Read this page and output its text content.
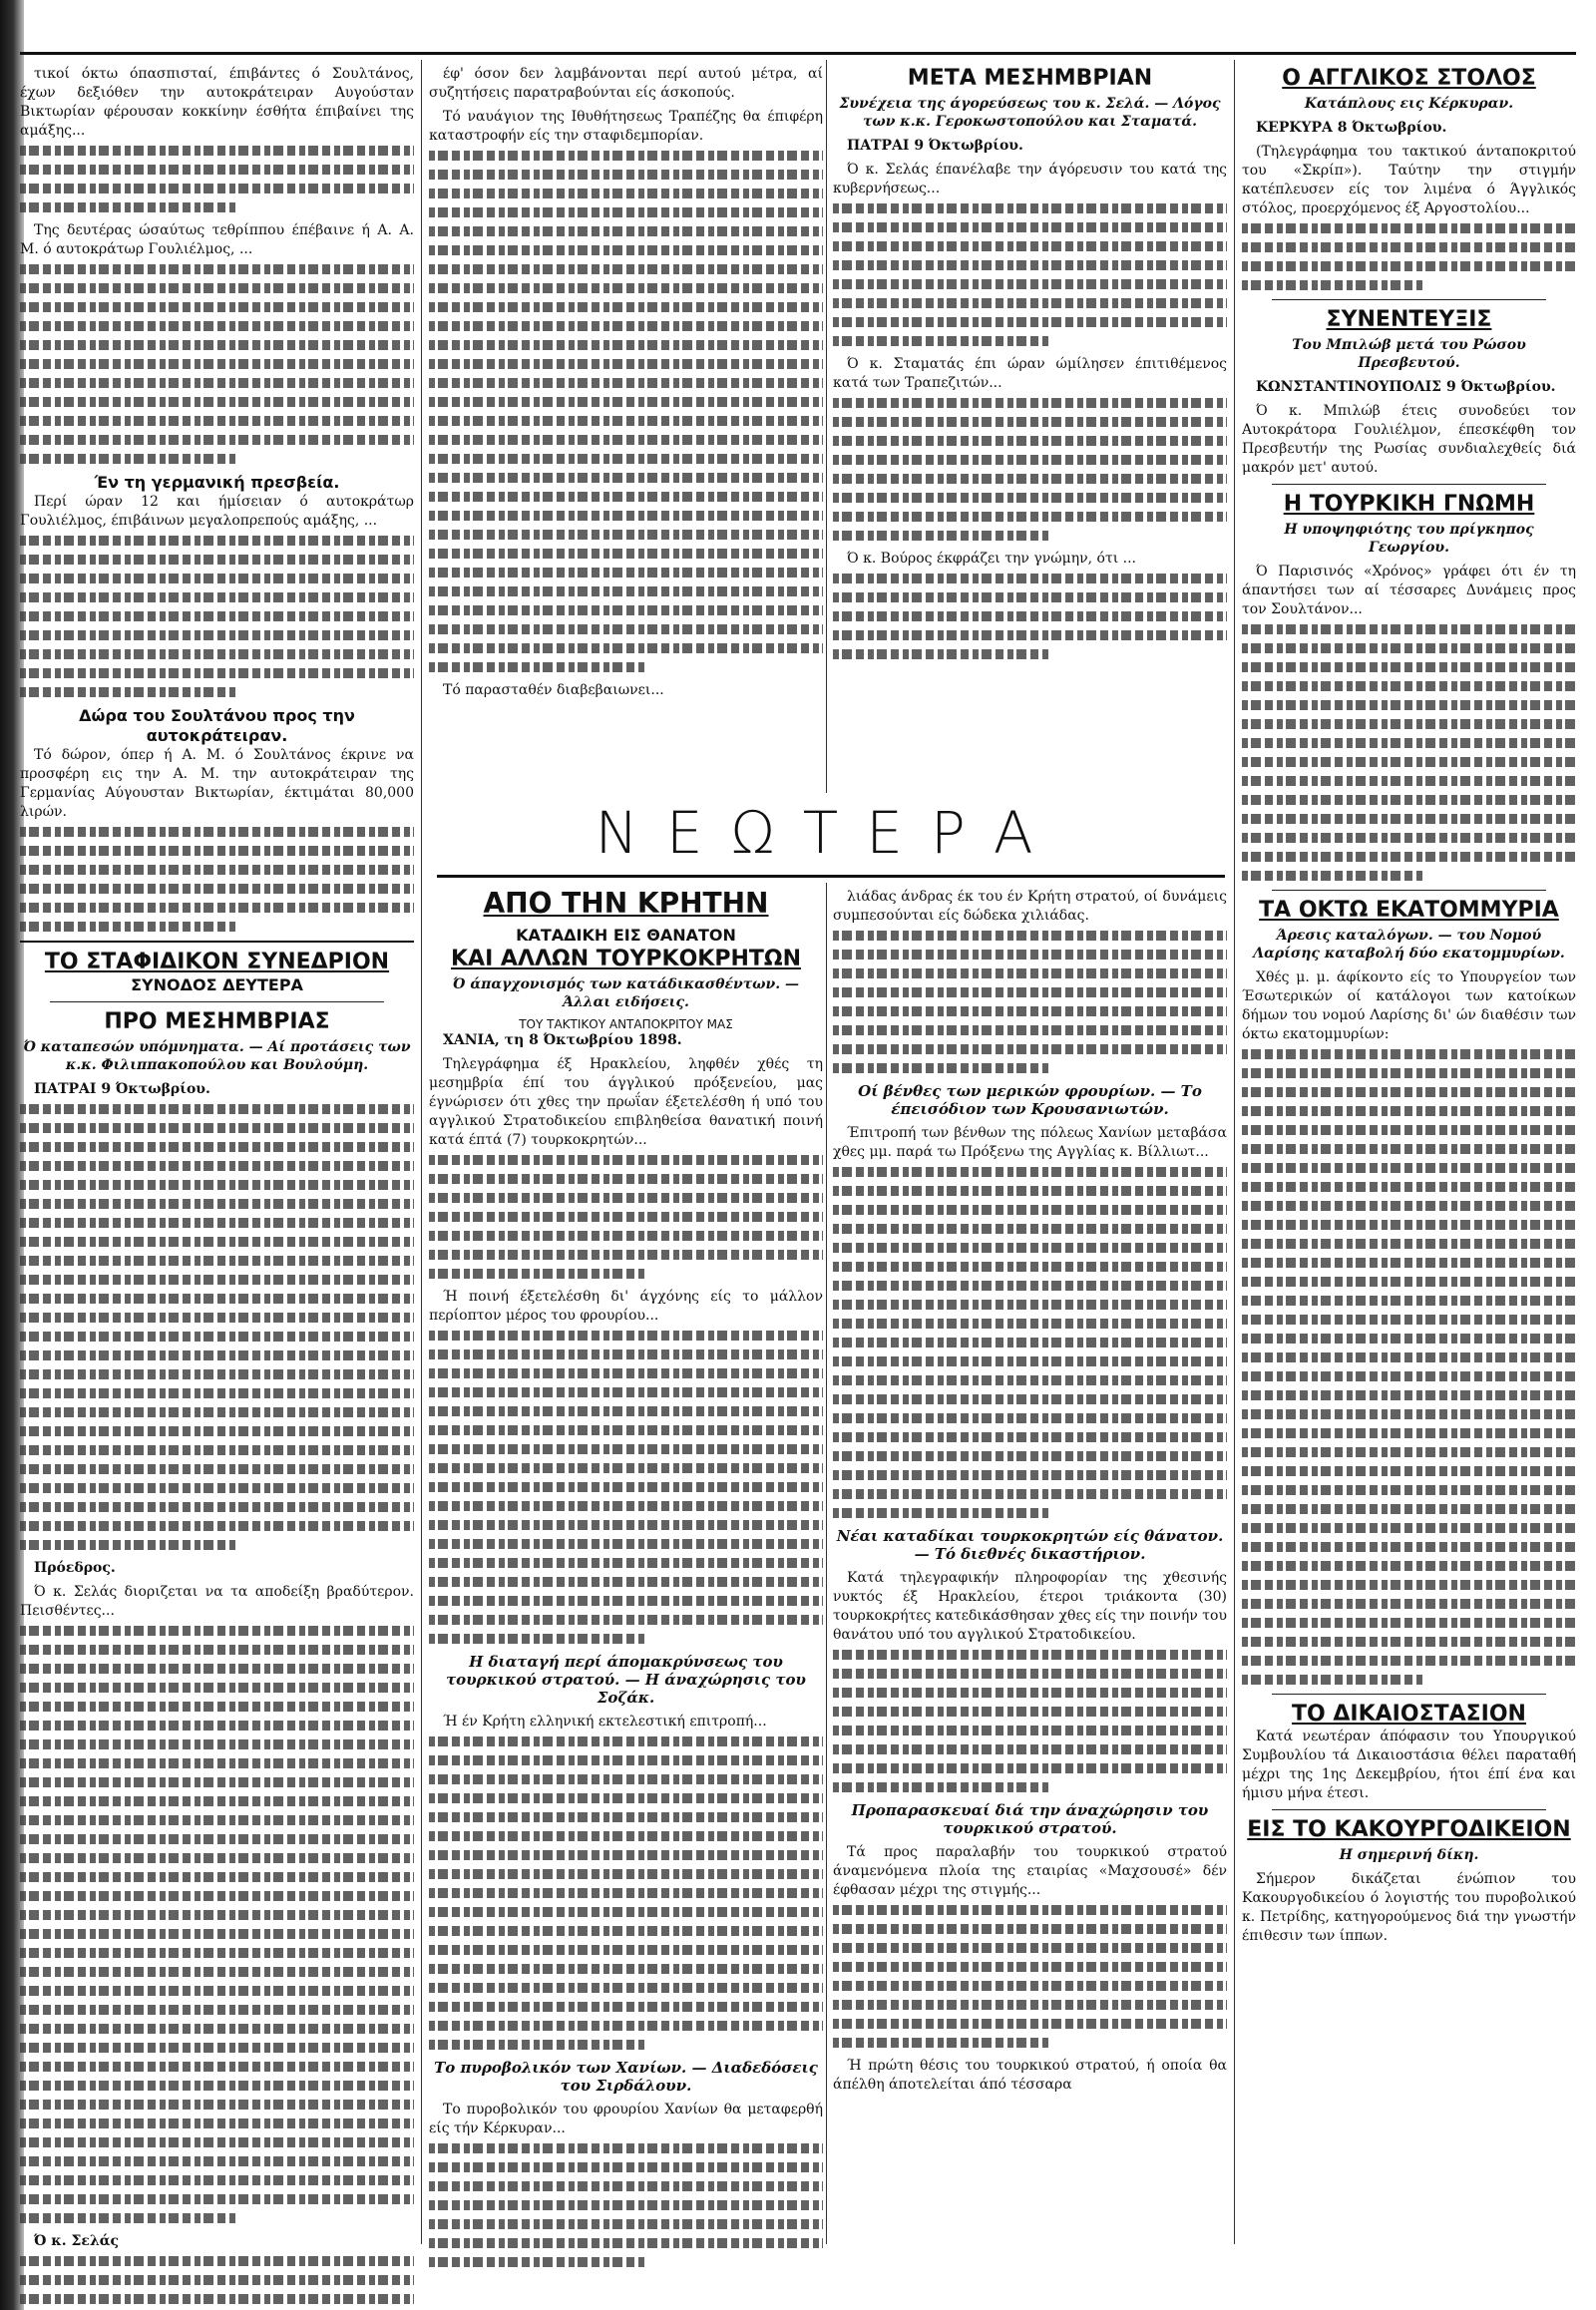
τικοί όκτω όπασπισταί, έπιβάντες ό Σουλτάνος, έχων δεξιόθεν την αυτοκράτειραν Αυγούσταν Βικτωρίαν φέρουσαν κοκκίνην έσθήτα έπιβαίνει της αμάξης...

Της δευτέρας ώσαύτως τεθρίππου έπέβαινε ή Α. Α. Μ. ό αυτοκράτωρ Γουλιέλμος, ...

Έν τη γερμανική πρεσβεία.

Περί ώραν 12 και ήμίσειαν ό αυτοκράτωρ Γουλιέλμος, έπιβάινων μεγαλοπρεπούς αμάξης, ...

Δώρα του Σουλτάνου προς την αυτοκράτειραν.

Τό δώρον, όπερ ή Α. Μ. ό Σουλτάνος έκρινε να προσφέρη εις την Α. Μ. την αυτοκράτειραν της Γερμανίας Αύγουσταν Βικτωρίαν, έκτιμάται 80,000 λιρών.

ΤΟ ΣΤΑΦΙΔΙΚΟΝ ΣΥΝΕΔΡΙΟΝ
ΣΥΝΟΔΟΣ ΔΕΥΤΕΡΑ
ΠΡΟ ΜΕΣΗΜΒΡΙΑΣ
Ό καταπεσών υπόμνηματα. — Αί προτάσεις των κ.κ. Φιλιππακοπούλου και Βουλούμη.

ΠΑΤΡΑΙ 9 Όκτωβρίου.

Πρόεδρος.

Ό κ. Σελάς διοριζεται να τα αποδείξη βραδύτερον. Πεισθέντες...

Ό κ. Σελάς

έφ' όσον δεν λαμβάνονται περί αυτού μέτρα, αί συζητήσεις παρατραβούνται είς άσκοπούς.

Τό ναυάγιον της Ιθυθήτησεως Τραπέζης θα έπιφέρη καταστροφήν είς την σταφιδεμπορίαν.

Τό παρασταθέν διαβεβαιωνει...

ΜΕΤΑ ΜΕΣΗΜΒΡΙΑΝ
Συνέχεια της άγορεύσεως του κ. Σελά. — Λόγος των κ.κ. Γεροκωστοπούλου και Σταματά.

ΠΑΤΡΑΙ 9 Όκτωβρίου.

Ό κ. Σελάς έπανέλαβε την άγόρευσιν του κατά της κυβερνήσεως...

Ό κ. Σταματάς έπι ώραν ώμίλησεν έπιτιθέμενος κατά των Τραπεζιτών...

Ό κ. Βούρος έκφράζει την γνώμην, ότι ...

ΝΕΩΤΕΡΑ
ΑΠΟ ΤΗΝ ΚΡΗΤΗΝ
ΚΑΤΑΔΙΚΗ ΕΙΣ ΘΑΝΑΤΟΝ
ΚΑΙ ΑΛΛΩΝ ΤΟΥΡΚΟΚΡΗΤΩΝ
Ό άπαγχονισμός των κατάδικασθέντων. — Άλλαι ειδήσεις.
ΤΟΥ ΤΑΚΤΙΚΟΥ ΑΝΤΑΠΟΚΡΙΤΟΥ ΜΑΣ

ΧΑΝΙΑ, τη 8 Όκτωβρίου 1898.

Τηλεγράφημα έξ Ηρακλείου, ληφθέν χθές τη μεσημβρία έπί του άγγλικού πρόξενείου, μας έγνώρισεν ότι χθες την πρωΐαν έξετελέσθη ή υπό του αγγλικού Στρατοδικείου επιβληθείσα θανατική ποινή κατά έπτά (7) τουρκοκρητών...

Ή ποινή έξετελέσθη δι' άγχόνης είς το μάλλον περίοπτον μέρος του φρουρίου...

Η διαταγή περί άπομακρύνσεως του τουρκικού στρατού. — Η άναχώρησις του Σοζάκ.

Ή έν Κρήτη ελληνική εκτελεστική επιτροπή...

Το πυροβολικόν των Χανίων. — Διαδεδόσεις του Σιρδάλουν.

Το πυροβολικόν του φρουρίου Χανίων θα μεταφερθή είς τήν Κέρκυραν...

λιάδας άνδρας έκ του έν Κρήτη στρατού, οί δυνάμεις συμπεσούνται είς δώδεκα χιλιάδας.

Οί βένθες των μερικών φρουρίων. — Το έπεισόδιον των Κρουσανιωτών.

Έπιτροπή των βένθων της πόλεως Χανίων μεταβάσα χθες μμ. παρά τω Πρόξενω της Αγγλίας κ. Βίλλιωτ...

Νέαι καταδίκαι τουρκοκρητών είς θάνατον. — Τό διεθνές δικαστήριον.

Κατά τηλεγραφικήν πληροφορίαν της χθεσινής νυκτός έξ Ηρακλείου, έτεροι τριάκοντα (30) τουρκοκρήτες κατεδικάσθησαν χθες είς την ποινήν του θανάτου υπό του αγγλικού Στρατοδικείου.

Προπαρασκευαί διά την άναχώρησιν του τουρκικού στρατού.

Τά προς παραλαβήν του τουρκικού στρατού άναμενόμενα πλοία της εταιρίας «Μαχσουσέ» δέν έφθασαν μέχρι της στιγμής...

Ή πρώτη θέσις του τουρκικού στρατού, ή οποία θα άπέλθη άποτελείται άπό τέσσαρα

Ο ΑΓΓΛΙΚΟΣ ΣΤΟΛΟΣ
Κατάπλους εις Κέρκυραν.

ΚΕΡΚΥΡΑ 8 Όκτωβρίου.

(Τηλεγράφημα του τακτικού άνταποκριτού του «Σκρίπ»). Ταύτην την στιγμήν κατέπλευσεν είς τον λιμένα ό Άγγλικός στόλος, προερχόμενος έξ Αργοστολίου...

ΣΥΝΕΝΤΕΥΞΙΣ
Του Μπιλώβ μετά του Ρώσου Πρεσβευτού.

ΚΩΝΣΤΑΝΤΙΝΟΥΠΟΛΙΣ 9 Όκτωβρίου.

Ό κ. Μπιλώβ έτεις συνοδεύει τον Αυτοκράτορα Γουλιέλμον, έπεσκέφθη τον Πρεσβευτήν της Ρωσίας συνδιαλεχθείς διά μακρόν μετ' αυτού.

Η ΤΟΥΡΚΙΚΗ ΓΝΩΜΗ
Η υποψηφιότης του πρίγκηπος Γεωργίου.

Ό Παρισινός «Χρόνος» γράφει ότι έν τη άπαντήσει των αί τέσσαρες Δυνάμεις προς τον Σουλτάνον...

ΤΑ ΟΚΤΩ ΕΚΑΤΟΜΜΥΡΙΑ
Άρεσις καταλόγων. — του Νομού Λαρίσης καταβολή δύο εκατομμυρίων.

Χθές μ. μ. άφίκοντο είς το Υπουργείον των Έσωτερικών οί κατάλογοι των κατοίκων δήμων του νομού Λαρίσης δι' ών διαθέσιν των όκτω εκατομμυρίων:

ΤΟ ΔΙΚΑΙΟΣΤΑΣΙΟΝ

Κατά νεωτέραν άπόφασιν του Υπουργικού Συμβουλίου τά Δικαιοστάσια θέλει παραταθή μέχρι της 1ης Δεκεμβρίου, ήτοι έπί ένα και ήμισυ μήνα έτεσι.

ΕΙΣ ΤΟ ΚΑΚΟΥΡΓΟΔΙΚΕΙΟΝ
Η σημερινή δίκη.

Σήμερον δικάζεται ένώπιον του Κακουργοδικείου ό λογιστής του πυροβολικού κ. Πετρίδης, κατηγορούμενος διά την γνωστήν έπιθεσιν των ίππων.
